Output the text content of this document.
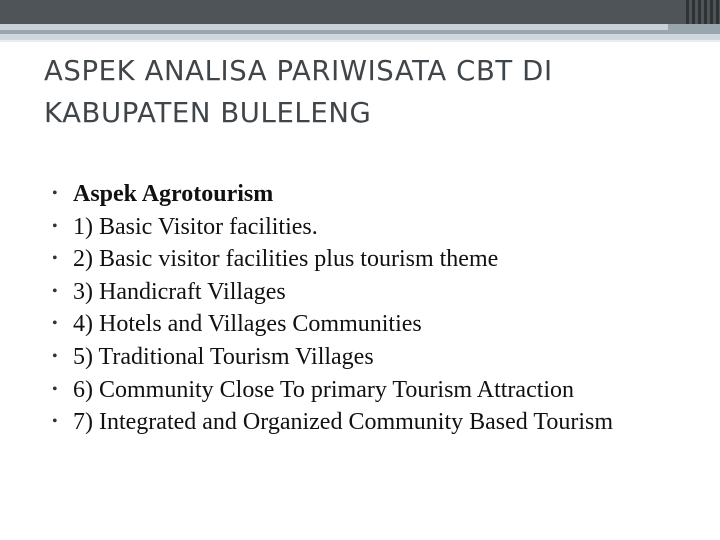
ASPEK ANALISA PARIWISATA CBT DI KABUPATEN BULELENG
• Aspek Agrotourism
• 1) Basic Visitor facilities.
• 2) Basic visitor facilities plus tourism theme
• 3) Handicraft Villages
• 4) Hotels and Villages Communities
• 5) Traditional Tourism Villages
• 6) Community Close To primary Tourism Attraction
• 7) Integrated and Organized Community Based Tourism
